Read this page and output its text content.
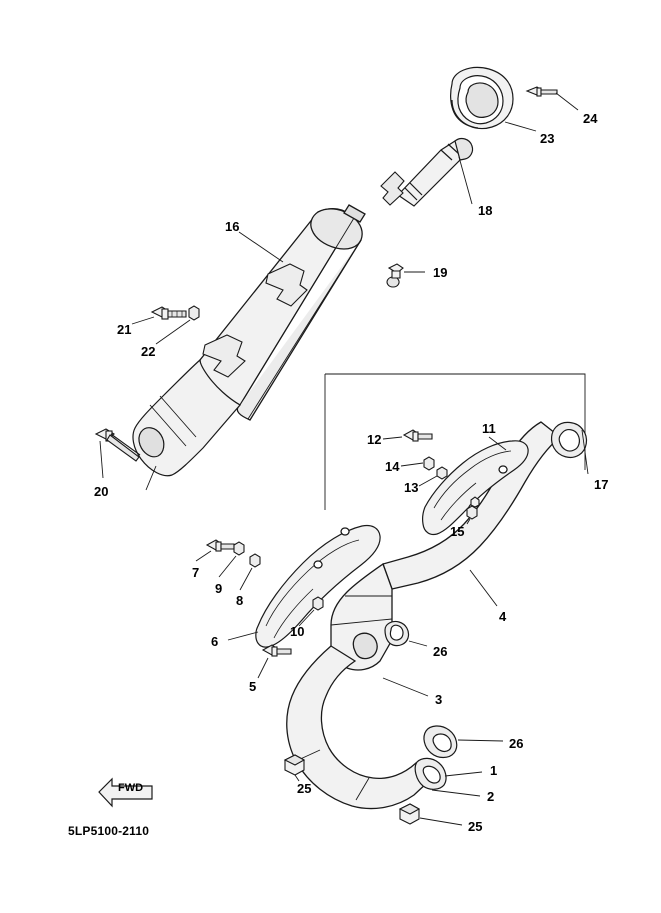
24
23
18
16
19
21
22
12
11
17
14
13
20
15
7
9
8
4
6
10
26
5
3
26
25
1
2
25
FWD
5LP5100-2110
